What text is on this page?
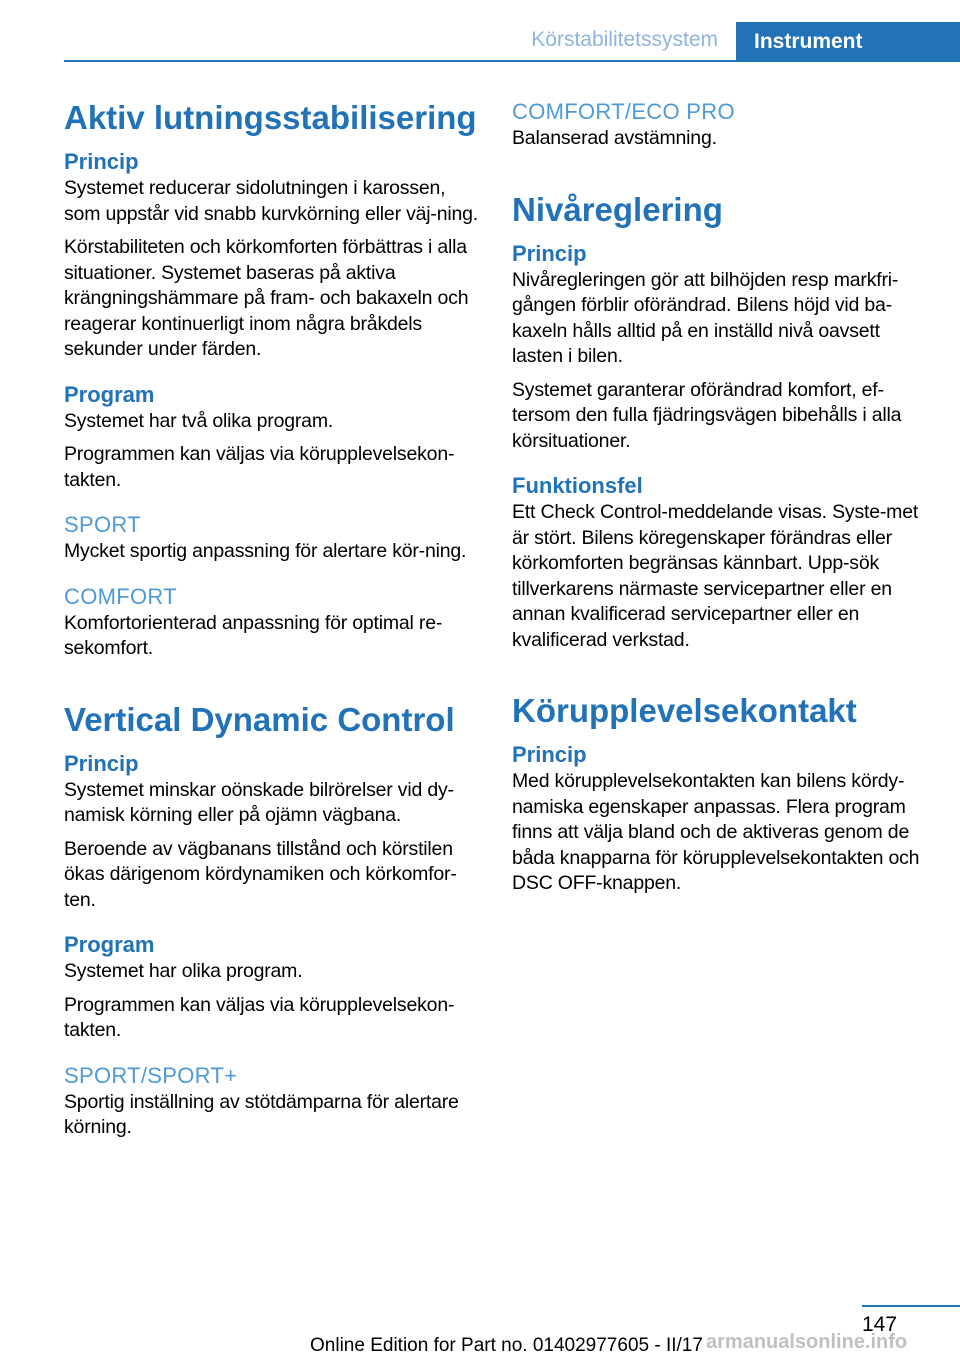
Körstabilitetssystem	Instrument
Aktiv lutningsstabilisering
Princip

Systemet reducerar sidolutningen i karossen, som uppstår vid snabb kurvkörning eller väj‐ning.

Körstabiliteten och körkomforten förbättras i alla situationer. Systemet baseras på aktiva krängningshämmare på fram- och bakaxeln och reagerar kontinuerligt inom några bråkdels sekunder under färden.

Program

Systemet har två olika program.

Programmen kan väljas via körupplevelsekon‐takten.

SPORT

Mycket sportig anpassning för alertare kör‐ning.

COMFORT

Komfortorienterad anpassning för optimal re‐sekomfort.

Vertical Dynamic Control
Princip

Systemet minskar oönskade bilrörelser vid dy‐namisk körning eller på ojämn vägbana.

Beroende av vägbanans tillstånd och körstilen ökas därigenom kördynamiken och körkomfor‐ten.

Program

Systemet har olika program.

Programmen kan väljas via körupplevelsekon‐takten.

SPORT/SPORT+

Sportig inställning av stötdämparna för alertare körning.

COMFORT/ECO PRO

Balanserad avstämning.

Nivåreglering
Princip

Nivåregleringen gör att bilhöjden resp markfri‐gången förblir oförändrad. Bilens höjd vid ba‐kaxeln hålls alltid på en inställd nivå oavsett lasten i bilen.

Systemet garanterar oförändrad komfort, ef‐tersom den fulla fjädringsvägen bibehålls i alla körsituationer.

Funktionsfel

Ett Check Control-meddelande visas. Syste‐met är stört. Bilens köregenskaper förändras eller körkomforten begränsas kännbart. Upp‐sök tillverkarens närmaste servicepartner eller en annan kvalificerad servicepartner eller en kvalificerad verkstad.

Körupplevelsekontakt
Princip

Med körupplevelsekontakten kan bilens kördy‐namiska egenskaper anpassas. Flera program finns att välja bland och de aktiveras genom de båda knapparna för körupplevelsekontakten och DSC OFF-knappen.

147
Online Edition for Part no. 01402977605 - II/17 armanualsonline.info
